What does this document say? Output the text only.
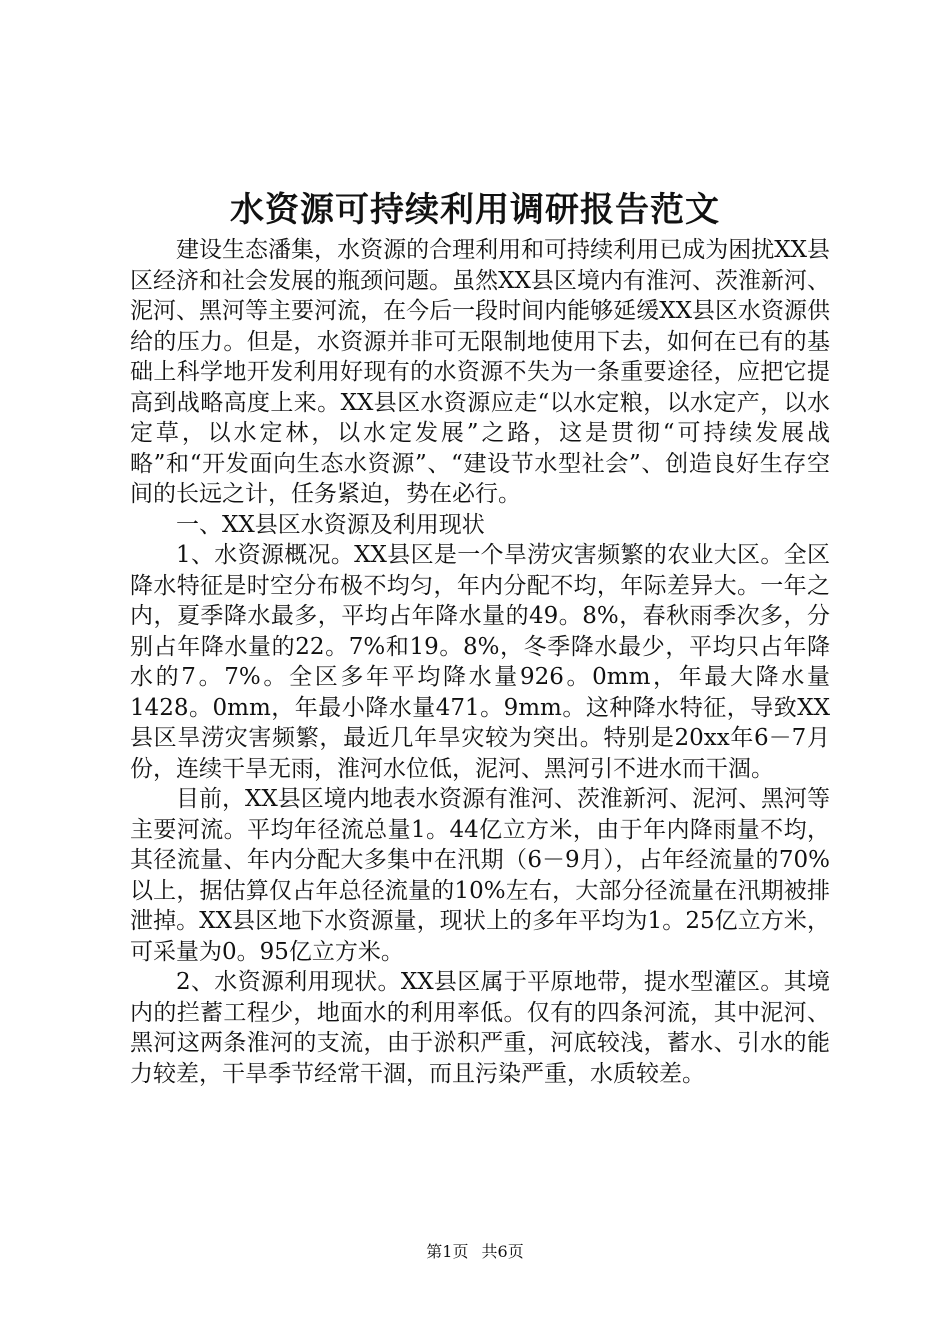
水资源可持续利用调研报告范文

建设生态潘集，水资源的合理利用和可持续利用已成为困扰XX县区经济和社会发展的瓶颈问题。虽然XX县区境内有淮河、茨淮新河、泥河、黑河等主要河流，在今后一段时间内能够延缓XX县区水资源供给的压力。但是，水资源并非可无限制地使用下去，如何在已有的基础上科学地开发利用好现有的水资源不失为一条重要途径，应把它提高到战略高度上来。XX县区水资源应走“以水定粮，以水定产，以水定草，以水定林，以水定发展”之路，这是贯彻“可持续发展战略”和“开发面向生态水资源”、“建设节水型社会”、创造良好生存空间的长远之计，任务紧迫，势在必行。

一、XX县区水资源及利用现状

1、水资源概况。XX县区是一个旱涝灾害频繁的农业大区。全区降水特征是时空分布极不均匀，年内分配不均，年际差异大。一年之内，夏季降水最多，平均占年降水量的49。8%，春秋雨季次多，分别占年降水量的22。7%和19。8%，冬季降水最少，平均只占年降水的7。7%。全区多年平均降水量926。0mm，年最大降水量1428。0mm，年最小降水量471。9mm。这种降水特征，导致XX县区旱涝灾害频繁，最近几年旱灾较为突出。特别是20xx年6－7月份，连续干旱无雨，淮河水位低，泥河、黑河引不进水而干涸。

目前，XX县区境内地表水资源有淮河、茨淮新河、泥河、黑河等主要河流。平均年径流总量1。44亿立方米，由于年内降雨量不均，其径流量、年内分配大多集中在汛期（6－9月），占年经流量的70%以上，据估算仅占年总径流量的10%左右，大部分径流量在汛期被排泄掉。XX县区地下水资源量，现状上的多年平均为1。25亿立方米，可采量为0。95亿立方米。

2、水资源利用现状。XX县区属于平原地带，提水型灌区。其境内的拦蓄工程少，地面水的利用率低。仅有的四条河流，其中泥河、黑河这两条淮河的支流，由于淤积严重，河底较浅，蓄水、引水的能力较差，干旱季节经常干涸，而且污染严重，水质较差。

第1页 共6页
